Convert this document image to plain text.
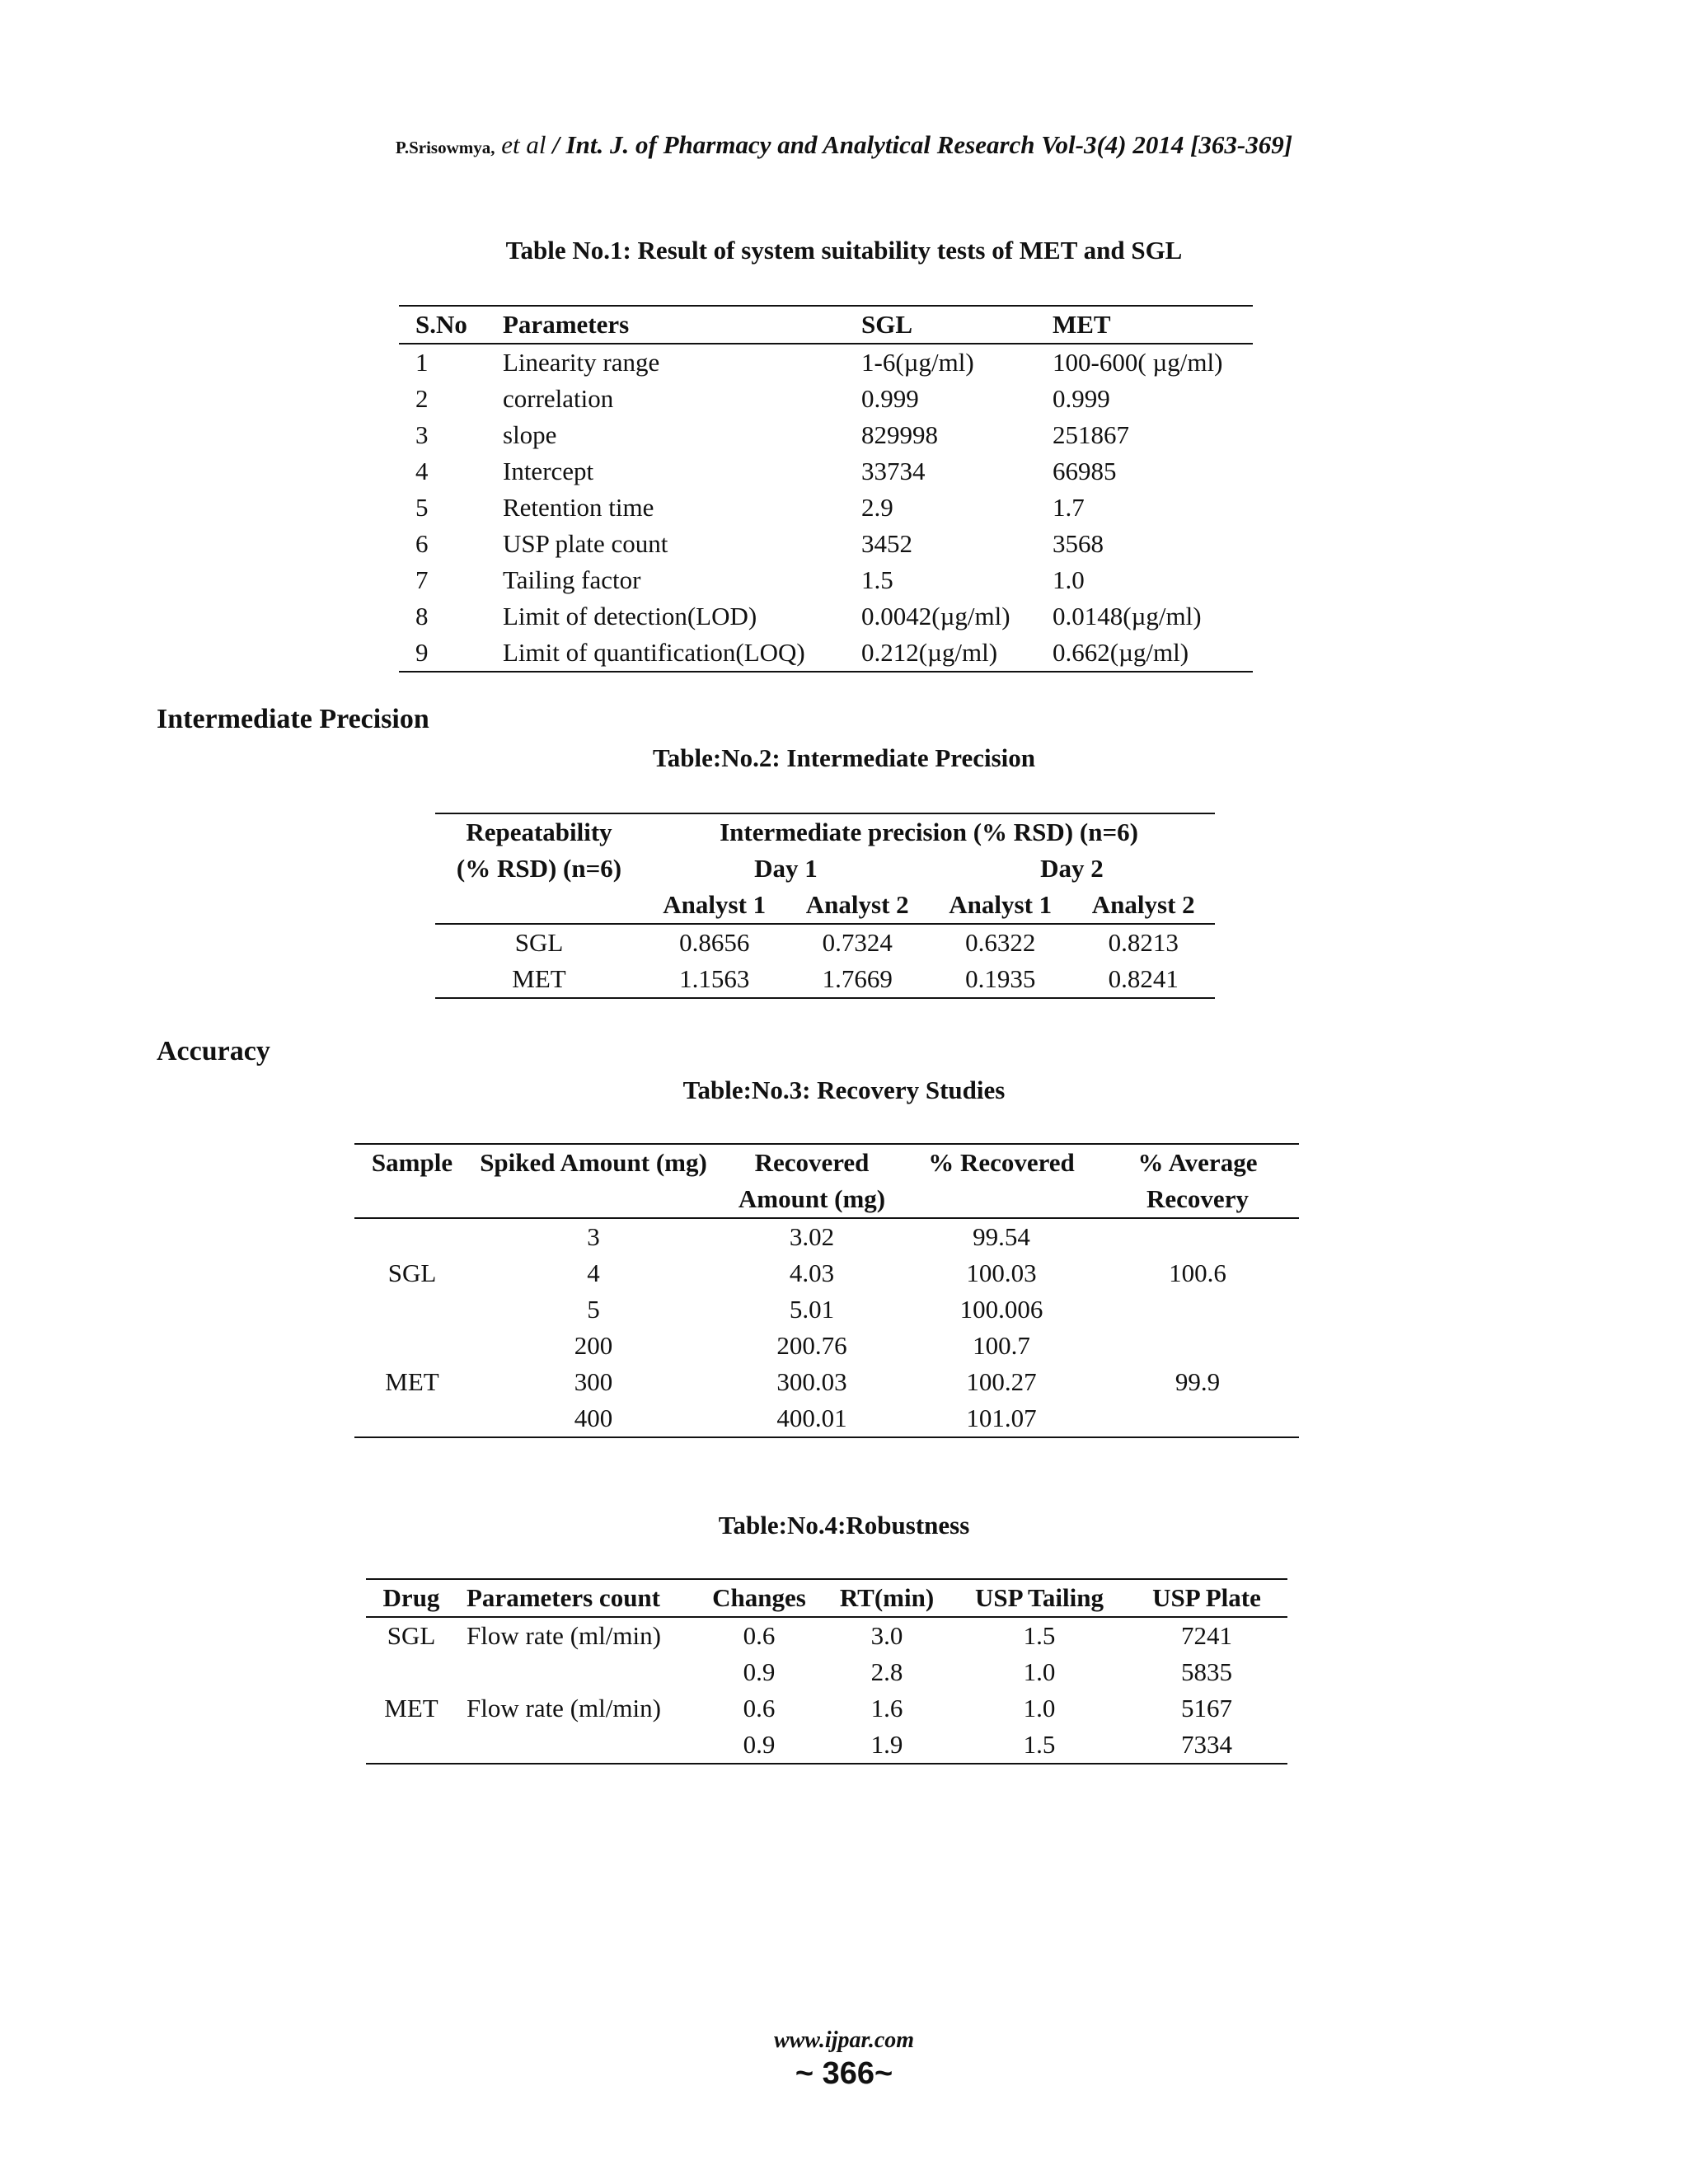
P.Srisowmya, et al / Int. J. of Pharmacy and Analytical Research Vol-3(4) 2014 [363-369]
Table No.1: Result of system suitability tests of MET and SGL
S.No	Parameters	SGL	MET
1	Linearity range	1-6(µg/ml)	100-600( µg/ml)
2	correlation	0.999	0.999
3	slope	829998	251867
4	Intercept	33734	66985
5	Retention time	2.9	1.7
6	USP plate count	3452	3568
7	Tailing factor	1.5	1.0
8	Limit of detection(LOD)	0.0042(µg/ml)	0.0148(µg/ml)
9	Limit of quantification(LOQ)	0.212(µg/ml)	0.662(µg/ml)
Intermediate Precision
Table:No.2: Intermediate Precision
Repeatability	Intermediate precision (% RSD) (n=6)			
(% RSD) (n=6)	Day 1		Day 2	
	Analyst 1	Analyst 2	Analyst 1	Analyst 2
SGL	0.8656	0.7324	0.6322	0.8213
MET	1.1563	1.7669	0.1935	0.8241
Accuracy
Table:No.3: Recovery Studies
Sample	Spiked Amount (mg)	Recovered	% Recovered	% Average
		Amount (mg)		Recovery
SGL	3	3.02	99.54	100.6
	4	4.03	100.03	
	5	5.01	100.006	
MET	200	200.76	100.7	99.9
	300	300.03	100.27	
	400	400.01	101.07	
Table:No.4:Robustness
Drug	Parameters count	Changes	RT(min)	USP Tailing	USP Plate
SGL	Flow rate (ml/min)	0.6	3.0	1.5	7241
		0.9	2.8	1.0	5835
MET	Flow rate (ml/min)	0.6	1.6	1.0	5167
		0.9	1.9	1.5	7334
www.ijpar.com
~ 366~
